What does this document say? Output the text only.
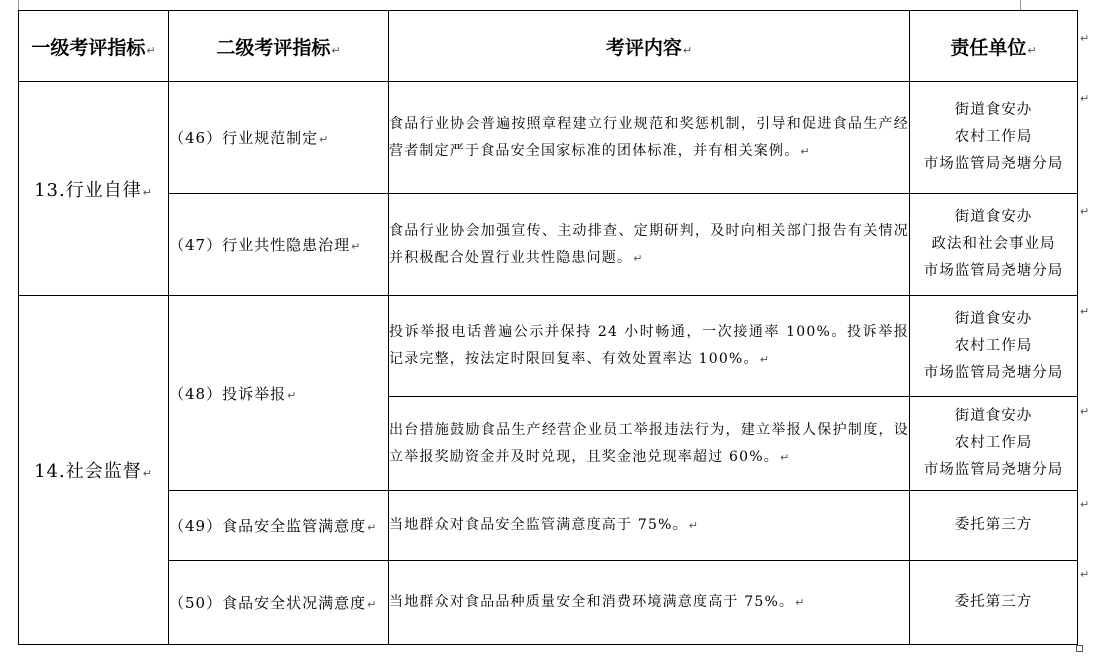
一级考评指标↵	二级考评指标↵	考评内容↵	责任单位↵
13.行业自律↵	（46）行业规范制定↵	食品行业协会普遍按照章程建立行业规范和奖惩机制，引导和促进食品生产经营者制定严于食品安全国家标准的团体标准，并有相关案例。↵	街道食安办
农村工作局
市场监管局尧塘分局

	（47）行业共性隐患治理↵	食品行业协会加强宣传、主动排查、定期研判，及时向相关部门报告有关情况并积极配合处置行业共性隐患问题。↵	街道食安办
政法和社会事业局
市场监管局尧塘分局

14.社会监督↵	（48）投诉举报↵	投诉举报电话普遍公示并保持 24 小时畅通，一次接通率 100%。投诉举报记录完整，按法定时限回复率、有效处置率达 100%。↵	街道食安办
农村工作局
市场监管局尧塘分局

		出台措施鼓励食品生产经营企业员工举报违法行为，建立举报人保护制度，设立举报奖励资金并及时兑现，且奖金池兑现率超过 60%。↵	街道食安办
农村工作局
市场监管局尧塘分局

	（49）食品安全监管满意度↵	当地群众对食品安全监管满意度高于 75%。↵	委托第三方

	（50）食品安全状况满意度↵	当地群众对食品品种质量安全和消费环境满意度高于 75%。↵	委托第三方
↵
↵
↵
↵
↵
↵
↵
